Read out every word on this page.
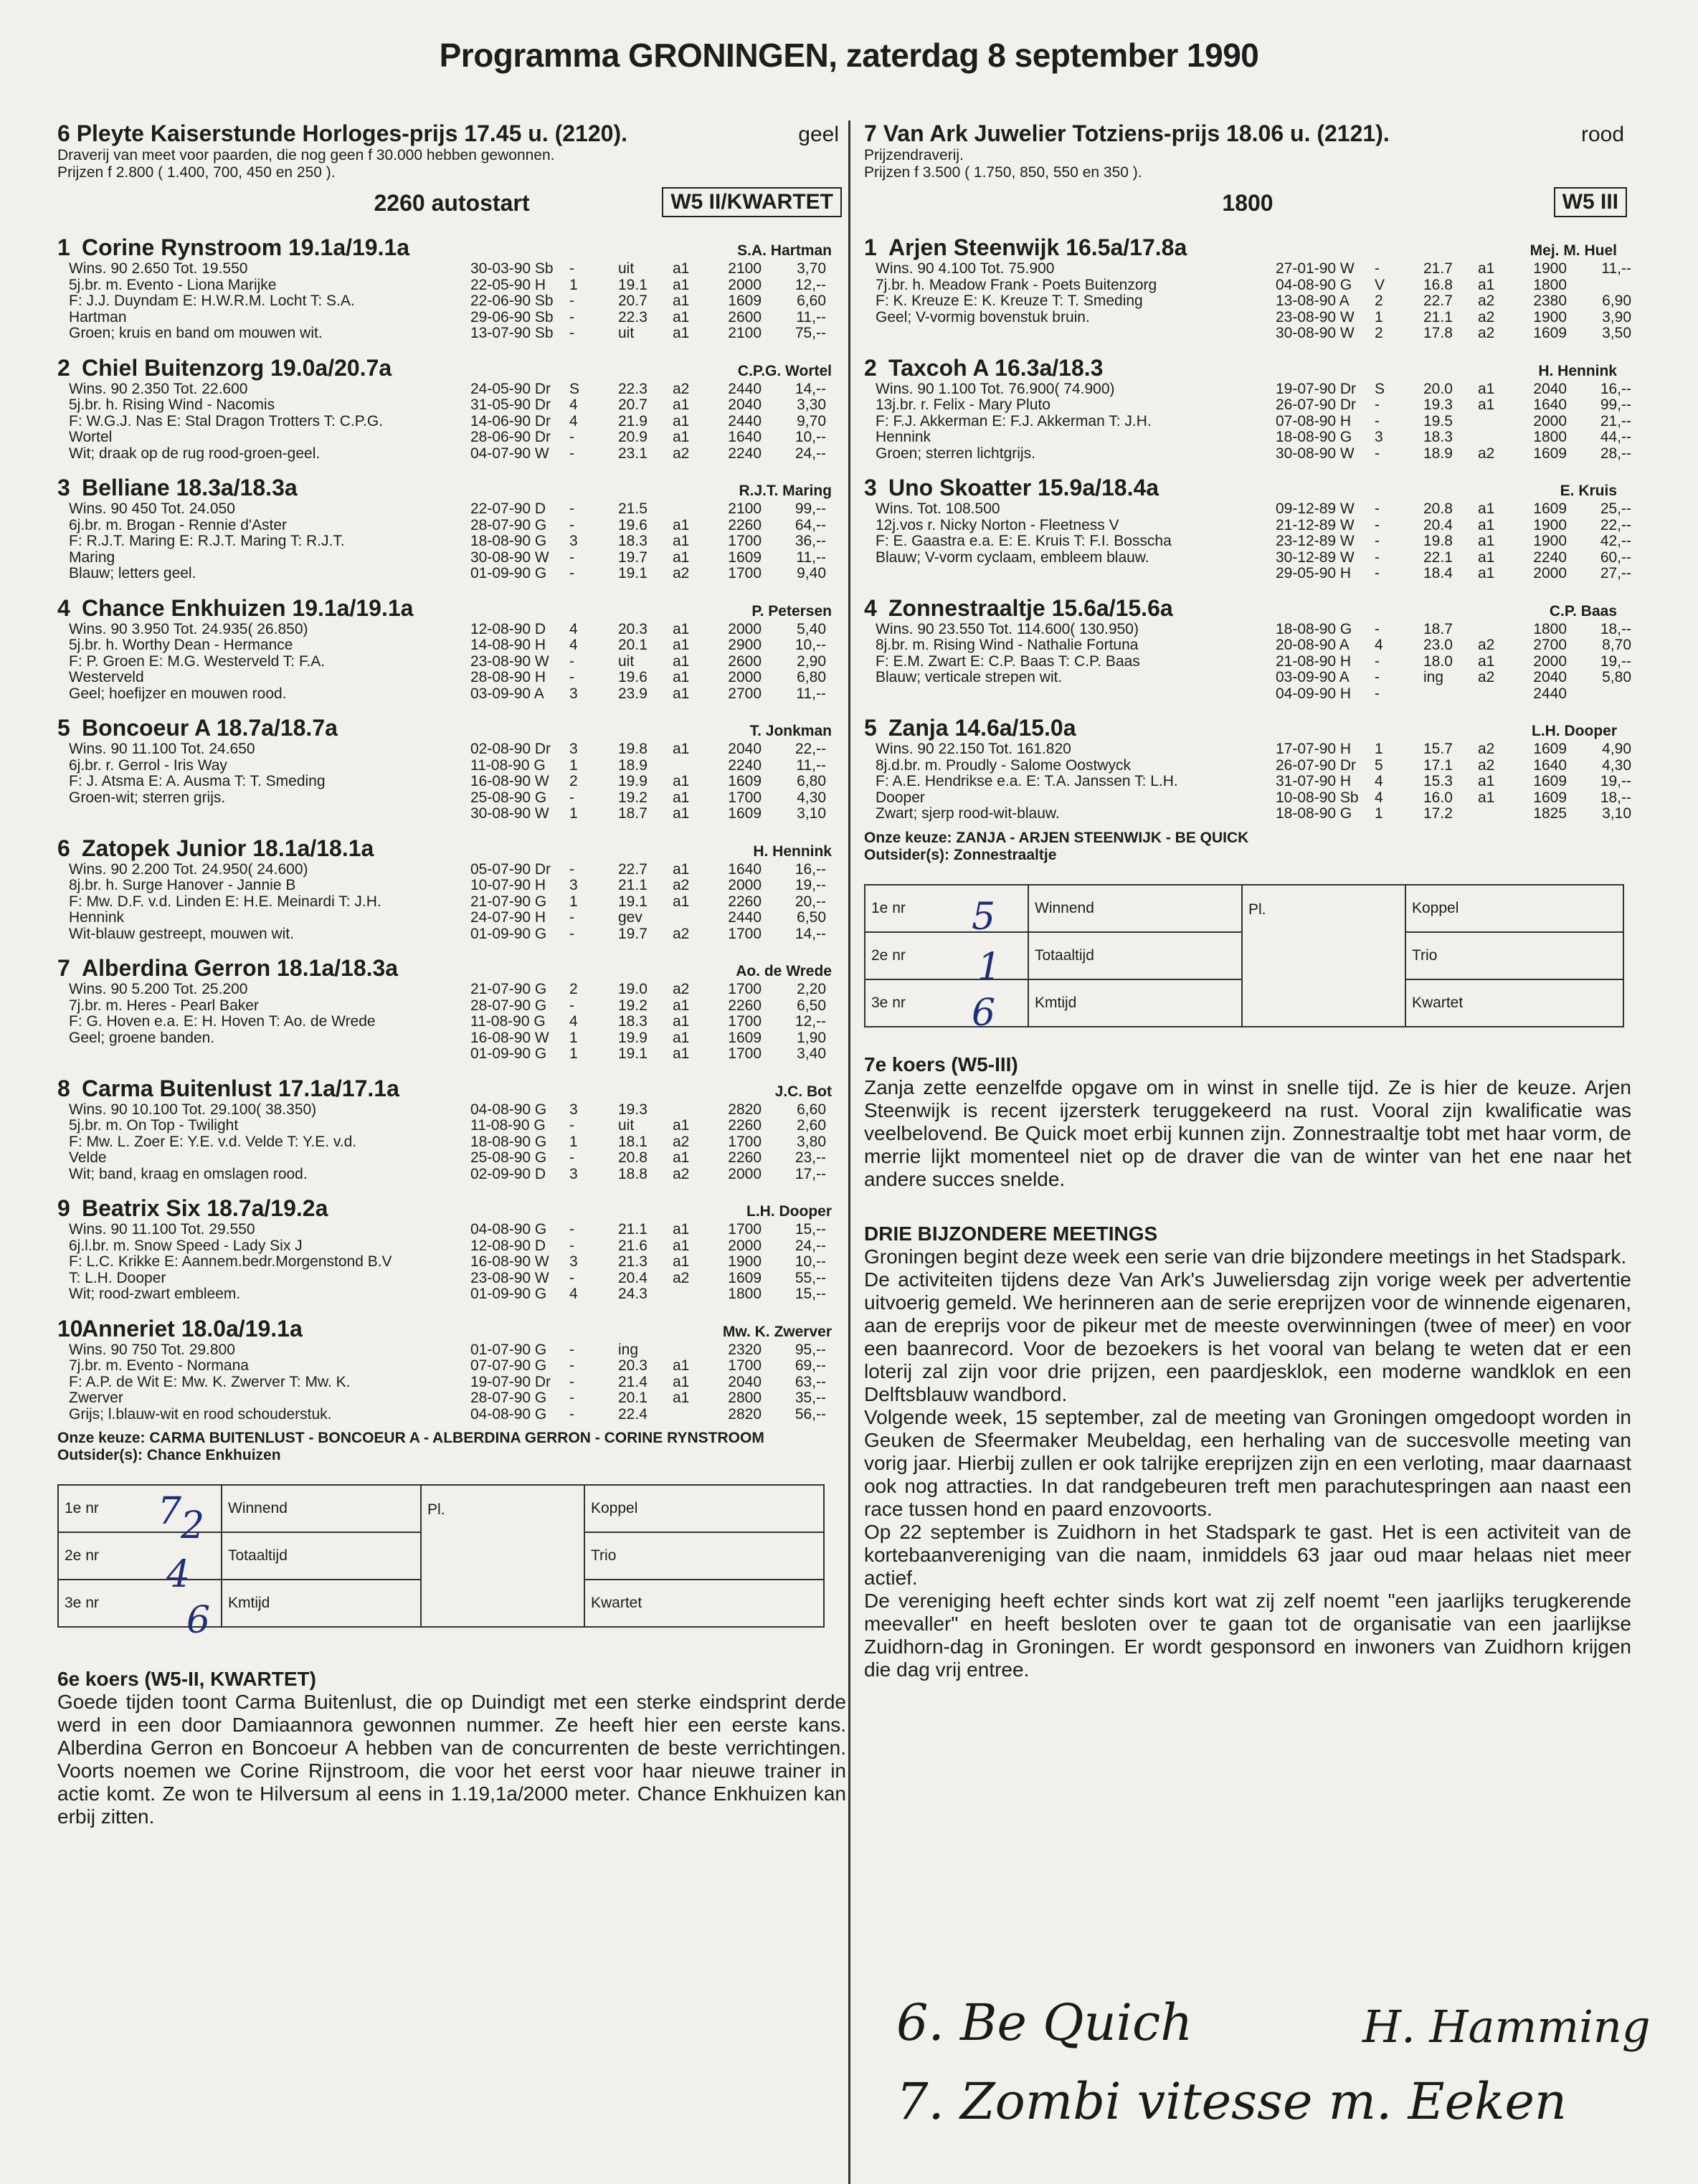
Programma GRONINGEN, zaterdag 8 september 1990
6 Pleyte Kaiserstunde Horloges-prijs 17.45 u. (2120).	geel
Draverij van meet voor paarden, die nog geen f 30.000 hebben gewonnen.
Prijzen f 2.800 ( 1.400, 700, 450 en 250 ).
2260 autostart	W5 II/KWARTET
1 Corine Rynstroom 19.1a/19.1a	S.A. Hartman
Wins. 90 2.650 Tot. 19.550
5j.br. m. Evento - Liona Marijke
F: J.J. Duyndam E: H.W.R.M. Locht T: S.A.
Hartman
Groen; kruis en band om mouwen wit.
30-03-90 Sb	-	uit	a1	2100	3,70
22-05-90 H	1	19.1	a1	2000	12,--
22-06-90 Sb	-	20.7	a1	1609	6,60
29-06-90 Sb	-	22.3	a1	2600	11,--
13-07-90 Sb	-	uit	a1	2100	75,--
2 Chiel Buitenzorg 19.0a/20.7a	C.P.G. Wortel
Wins. 90 2.350 Tot. 22.600
5j.br. h. Rising Wind - Nacomis
F: W.G.J. Nas E: Stal Dragon Trotters T: C.P.G.
Wortel
Wit; draak op de rug rood-groen-geel.
24-05-90 Dr	S	22.3	a2	2440	14,--
31-05-90 Dr	4	20.7	a1	2040	3,30
14-06-90 Dr	4	21.9	a1	2440	9,70
28-06-90 Dr	-	20.9	a1	1640	10,--
04-07-90 W	-	23.1	a2	2240	24,--
3 Belliane 18.3a/18.3a	R.J.T. Maring
Wins. 90 450 Tot. 24.050
6j.br. m. Brogan - Rennie d'Aster
F: R.J.T. Maring E: R.J.T. Maring T: R.J.T.
Maring
Blauw; letters geel.
22-07-90 D	-	21.5	2100	99,--
28-07-90 G	-	19.6	a1	2260	64,--
18-08-90 G	3	18.3	a1	1700	36,--
30-08-90 W	-	19.7	a1	1609	11,--
01-09-90 G	-	19.1	a2	1700	9,40
4 Chance Enkhuizen 19.1a/19.1a	P. Petersen
Wins. 90 3.950 Tot. 24.935( 26.850)
5j.br. h. Worthy Dean - Hermance
F: P. Groen E: M.G. Westerveld T: F.A.
Westerveld
Geel; hoefijzer en mouwen rood.
12-08-90 D	4	20.3	a1	2000	5,40
14-08-90 H	4	20.1	a1	2900	10,--
23-08-90 W	-	uit	a1	2600	2,90
28-08-90 H	-	19.6	a1	2000	6,80
03-09-90 A	3	23.9	a1	2700	11,--
5 Boncoeur A 18.7a/18.7a	T. Jonkman
Wins. 90 11.100 Tot. 24.650
6j.br. r. Gerrol - Iris Way
F: J. Atsma E: A. Ausma T: T. Smeding
Groen-wit; sterren grijs.
02-08-90 Dr	3	19.8	a1	2040	22,--
11-08-90 G	1	18.9	2240	11,--
16-08-90 W	2	19.9	a1	1609	6,80
25-08-90 G	-	19.2	a1	1700	4,30
30-08-90 W	1	18.7	a1	1609	3,10
6 Zatopek Junior 18.1a/18.1a	H. Hennink
Wins. 90 2.200 Tot. 24.950( 24.600)
8j.br. h. Surge Hanover - Jannie B
F: Mw. D.F. v.d. Linden E: H.E. Meinardi T: J.H.
Hennink
Wit-blauw gestreept, mouwen wit.
05-07-90 Dr	-	22.7	a1	1640	16,--
10-07-90 H	3	21.1	a2	2000	19,--
21-07-90 G	1	19.1	a1	2260	20,--
24-07-90 H	-	gev	2440	6,50
01-09-90 G	-	19.7	a2	1700	14,--
7 Alberdina Gerron 18.1a/18.3a	Ao. de Wrede
Wins. 90 5.200 Tot. 25.200
7j.br. m. Heres - Pearl Baker
F: G. Hoven e.a. E: H. Hoven T: Ao. de Wrede
Geel; groene banden.
21-07-90 G	2	19.0	a2	1700	2,20
28-07-90 G	-	19.2	a1	2260	6,50
11-08-90 G	4	18.3	a1	1700	12,--
16-08-90 W	1	19.9	a1	1609	1,90
01-09-90 G	1	19.1	a1	1700	3,40
8 Carma Buitenlust 17.1a/17.1a	J.C. Bot
Wins. 90 10.100 Tot. 29.100( 38.350)
5j.br. m. On Top - Twilight
F: Mw. L. Zoer E: Y.E. v.d. Velde T: Y.E. v.d.
Velde
Wit; band, kraag en omslagen rood.
04-08-90 G	3	19.3	2820	6,60
11-08-90 G	-	uit	a1	2260	2,60
18-08-90 G	1	18.1	a2	1700	3,80
25-08-90 G	-	20.8	a1	2260	23,--
02-09-90 D	3	18.8	a2	2000	17,--
9 Beatrix Six 18.7a/19.2a	L.H. Dooper
Wins. 90 11.100 Tot. 29.550
6j.l.br. m. Snow Speed - Lady Six J
F: L.C. Krikke E: Aannem.bedr.Morgenstond B.V
T: L.H. Dooper
Wit; rood-zwart embleem.
04-08-90 G	-	21.1	a1	1700	15,--
12-08-90 D	-	21.6	a1	2000	24,--
16-08-90 W	3	21.3	a1	1900	10,--
23-08-90 W	-	20.4	a2	1609	55,--
01-09-90 G	4	24.3	1800	15,--
10Anneriet 18.0a/19.1a	Mw. K. Zwerver
Wins. 90 750 Tot. 29.800
7j.br. m. Evento - Normana
F: A.P. de Wit E: Mw. K. Zwerver T: Mw. K.
Zwerver
Grijs; l.blauw-wit en rood schouderstuk.
01-07-90 G	-	ing	2320	95,--
07-07-90 G	-	20.3	a1	1700	69,--
19-07-90 Dr	-	21.4	a1	2040	63,--
28-07-90 G	-	20.1	a1	2800	35,--
04-08-90 G	-	22.4	2820	56,--
Onze keuze: CARMA BUITENLUST - BONCOEUR A - ALBERDINA GERRON - CORINE RYNSTROOM
Outsider(s): Chance Enkhuizen
1e nr	Winnend	Pl.	Koppel
2e nr	Totaaltijd		Trio
3e nr	Kmtijd		Kwartet
7
2
4
6
6e koers (W5-II, KWARTET)
Goede tijden toont Carma Buitenlust, die op Duindigt met een sterke eindsprint derde werd in een door Damiaannora gewonnen nummer. Ze heeft hier een eerste kans. Alberdina Gerron en Boncoeur A hebben van de concurrenten de beste verrichtingen. Voorts noemen we Corine Rijnstroom, die voor het eerst voor haar nieuwe trainer in actie komt. Ze won te Hilversum al eens in 1.19,1a/2000 meter. Chance Enkhuizen kan erbij zitten.
7 Van Ark Juwelier Totziens-prijs 18.06 u. (2121).	rood
Prijzendraverij.
Prijzen f 3.500 ( 1.750, 850, 550 en 350 ).
1800	W5 III
1 Arjen Steenwijk 16.5a/17.8a	Mej. M. Huel
Wins. 90 4.100 Tot. 75.900
7j.br. h. Meadow Frank - Poets Buitenzorg
F: K. Kreuze E: K. Kreuze T: T. Smeding
Geel; V-vormig bovenstuk bruin.
27-01-90 W	-	21.7	a1	1900	11,--
04-08-90 G	V	16.8	a1	1800
13-08-90 A	2	22.7	a2	2380	6,90
23-08-90 W	1	21.1	a2	1900	3,90
30-08-90 W	2	17.8	a2	1609	3,50
2 Taxcoh A 16.3a/18.3	H. Hennink
Wins. 90 1.100 Tot. 76.900( 74.900)
13j.br. r. Felix - Mary Pluto
F: F.J. Akkerman E: F.J. Akkerman T: J.H.
Hennink
Groen; sterren lichtgrijs.
19-07-90 Dr	S	20.0	a1	2040	16,--
26-07-90 Dr	-	19.3	a1	1640	99,--
07-08-90 H	-	19.5	2000	21,--
18-08-90 G	3	18.3	1800	44,--
30-08-90 W	-	18.9	a2	1609	28,--
3 Uno Skoatter 15.9a/18.4a	E. Kruis
Wins. Tot. 108.500
12j.vos r. Nicky Norton - Fleetness V
F: E. Gaastra e.a. E: E. Kruis T: F.I. Bosscha
Blauw; V-vorm cyclaam, embleem blauw.
09-12-89 W	-	20.8	a1	1609	25,--
21-12-89 W	-	20.4	a1	1900	22,--
23-12-89 W	-	19.8	a1	1900	42,--
30-12-89 W	-	22.1	a1	2240	60,--
29-05-90 H	-	18.4	a1	2000	27,--
4 Zonnestraaltje 15.6a/15.6a	C.P. Baas
Wins. 90 23.550 Tot. 114.600( 130.950)
8j.br. m. Rising Wind - Nathalie Fortuna
F: E.M. Zwart E: C.P. Baas T: C.P. Baas
Blauw; verticale strepen wit.
18-08-90 G	-	18.7	1800	18,--
20-08-90 A	4	23.0	a2	2700	8,70
21-08-90 H	-	18.0	a1	2000	19,--
03-09-90 A	-	ing	a2	2040	5,80
04-09-90 H	-	2440
5 Zanja 14.6a/15.0a	L.H. Dooper
Wins. 90 22.150 Tot. 161.820
8j.d.br. m. Proudly - Salome Oostwyck
F: A.E. Hendrikse e.a. E: T.A. Janssen T: L.H.
Dooper
Zwart; sjerp rood-wit-blauw.
17-07-90 H	1	15.7	a2	1609	4,90
26-07-90 Dr	5	17.1	a2	1640	4,30
31-07-90 H	4	15.3	a1	1609	19,--
10-08-90 Sb	4	16.0	a1	1609	18,--
18-08-90 G	1	17.2	1825	3,10
Onze keuze: ZANJA - ARJEN STEENWIJK - BE QUICK
Outsider(s): Zonnestraaltje
1e nr	Winnend	Pl.	Koppel
2e nr	Totaaltijd		Trio
3e nr	Kmtijd		Kwartet
5
1
6
7e koers (W5-III)
Zanja zette eenzelfde opgave om in winst in snelle tijd. Ze is hier de keuze. Arjen Steenwijk is recent ijzersterk teruggekeerd na rust. Vooral zijn kwalificatie was veelbelovend. Be Quick moet erbij kunnen zijn. Zonnestraaltje tobt met haar vorm, de merrie lijkt momenteel niet op de draver die van de winter van het ene naar het andere succes snelde.
DRIE BIJZONDERE MEETINGS
Groningen begint deze week een serie van drie bijzondere meetings in het Stadspark.
De activiteiten tijdens deze Van Ark's Juweliersdag zijn vorige week per advertentie uitvoerig gemeld. We herinneren aan de serie ereprijzen voor de winnende eigenaren, aan de ereprijs voor de pikeur met de meeste overwinningen (twee of meer) en voor een baanrecord. Voor de bezoekers is het vooral van belang te weten dat er een loterij zal zijn voor drie prijzen, een paardjesklok, een moderne wandklok en een Delftsblauw wandbord.
Volgende week, 15 september, zal de meeting van Groningen omgedoopt worden in Geuken de Sfeermaker Meubeldag, een herhaling van de succesvolle meeting van vorig jaar. Hierbij zullen er ook talrijke ereprijzen zijn en een verloting, maar daarnaast ook nog attracties. In dat randgebeuren treft men parachutespringen aan naast een race tussen hond en paard enzovoorts.
Op 22 september is Zuidhorn in het Stadspark te gast. Het is een activiteit van de kortebaanvereniging van die naam, inmiddels 63 jaar oud maar helaas niet meer actief.
De vereniging heeft echter sinds kort wat zij zelf noemt "een jaarlijks terugkerende meevaller" en heeft besloten over te gaan tot de organisatie van een jaarlijkse Zuidhorn-dag in Groningen. Er wordt gesponsord en inwoners van Zuidhorn krijgen die dag vrij entree.
6. Be Quich
7. Zombi vitesse m. Eeken
H. Hamming
